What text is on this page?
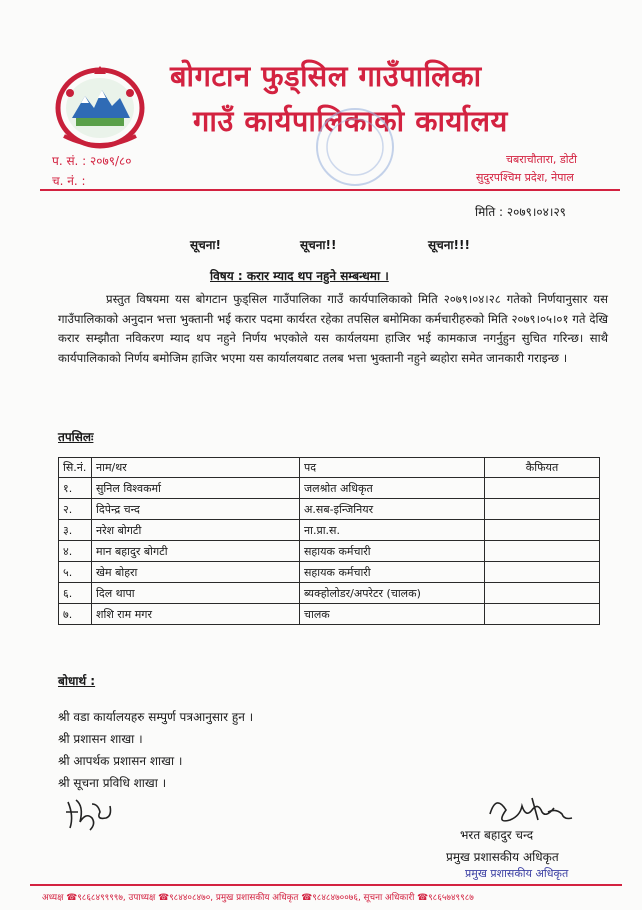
बोगटान फुड्सिल गाउँपालिका
गाउँ कार्यपालिकाको कार्यालय
प. सं. : २०७९/८०
च. नं. :
चबराचौतारा, डोटी
सुदुरपश्चिम प्रदेश, नेपाल
मिति : २०७९।०४।२९
सूचना!	सूचना!!	सूचना!!!
विषय : करार म्याद थप नहुने सम्बन्धमा ।

प्रस्तुत विषयमा यस बोगटान फुड्सिल गाउँपालिका गाउँ कार्यपालिकाको मिति २०७९।०४।२८ गतेको निर्णयानुसार यस गाउँपालिकाको अनुदान भत्ता भुक्तानी भई करार पदमा कार्यरत रहेका तपसिल बमोमिका कर्मचारीहरुको मिति २०७९।०५।०१ गते देखि करार सम्झौता नविकरण म्याद थप नहुने निर्णय भएकोले यस कार्यलयमा हाजिर भई कामकाज नगर्नुहुन सुचित गरिन्छ। साथै कार्यपालिकाको निर्णय बमोजिम हाजिर भएमा यस कार्यालयबाट तलब भत्ता भुक्तानी नहुने ब्यहोरा समेत जानकारी गराइन्छ ।

तपसिलः
सि.नं.	नाम/थर	पद	कैफियत
१.	सुनिल विश्वकर्मा	जलश्रोत अधिकृत	
२.	दिपेन्द्र चन्द	अ.सब-इन्जिनियर	
३.	नरेश बोगटी	ना.प्रा.स.	
४.	मान बहादुर बोगटी	सहायक कर्मचारी	
५.	खेम बोहरा	सहायक कर्मचारी	
६.	दिल थापा	ब्यक्होलोडर/अपरेटर (चालक)	
७.	शशि राम मगर	चालक	
बोधार्थ :
श्री वडा कार्यालयहरु सम्पुर्ण पत्रआनुसार हुन ।
श्री प्रशासन शाखा ।
श्री आपर्थक प्रशासन शाखा ।
श्री सूचना प्रविधि शाखा ।
भरत बहादुर चन्द
प्रमुख प्रशासकीय अधिकृत
प्रमुख प्रशासकीय अधिकृत
अध्यक्ष ☎९८६८४९९९९७, उपाध्यक्ष ☎९८४४०८४७०, प्रमुख प्रशासकीय अधिकृत ☎९८४८४७००७६, सूचना अधिकारी ☎९८६५७४९९८७
